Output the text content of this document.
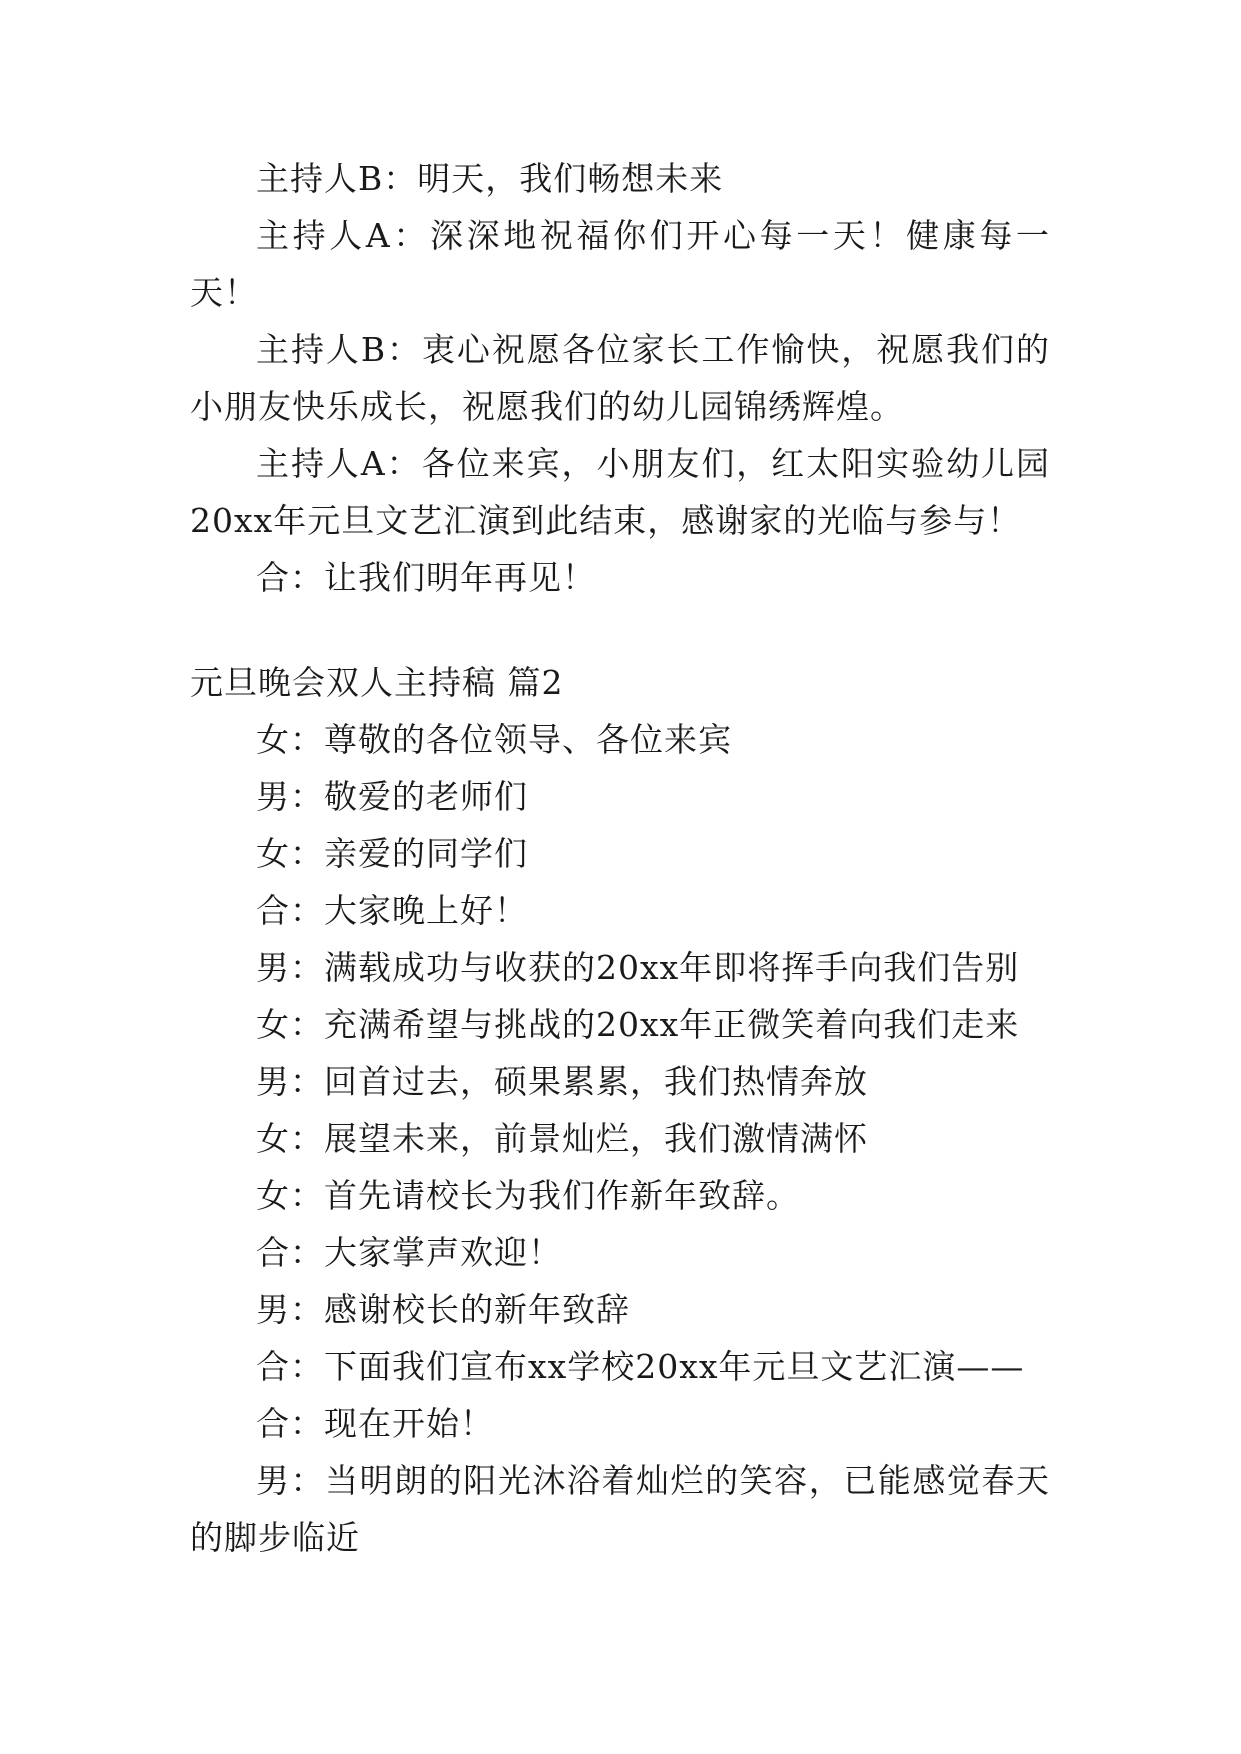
主持人B：明天，我们畅想未来

主持人A：深深地祝福你们开心每一天！健康每一天！

主持人B：衷心祝愿各位家长工作愉快，祝愿我们的小朋友快乐成长，祝愿我们的幼儿园锦绣辉煌。

主持人A：各位来宾，小朋友们，红太阳实验幼儿园20xx年元旦文艺汇演到此结束，感谢家的光临与参与！

合：让我们明年再见！

元旦晚会双人主持稿 篇2

女：尊敬的各位领导、各位来宾

男：敬爱的老师们

女：亲爱的同学们

合：大家晚上好！

男：满载成功与收获的20xx年即将挥手向我们告别

女：充满希望与挑战的20xx年正微笑着向我们走来

男：回首过去，硕果累累，我们热情奔放

女：展望未来，前景灿烂，我们激情满怀

女：首先请校长为我们作新年致辞。

合：大家掌声欢迎！

男：感谢校长的新年致辞

合：下面我们宣布xx学校20xx年元旦文艺汇演——

合：现在开始！

男：当明朗的阳光沐浴着灿烂的笑容，已能感觉春天的脚步临近
